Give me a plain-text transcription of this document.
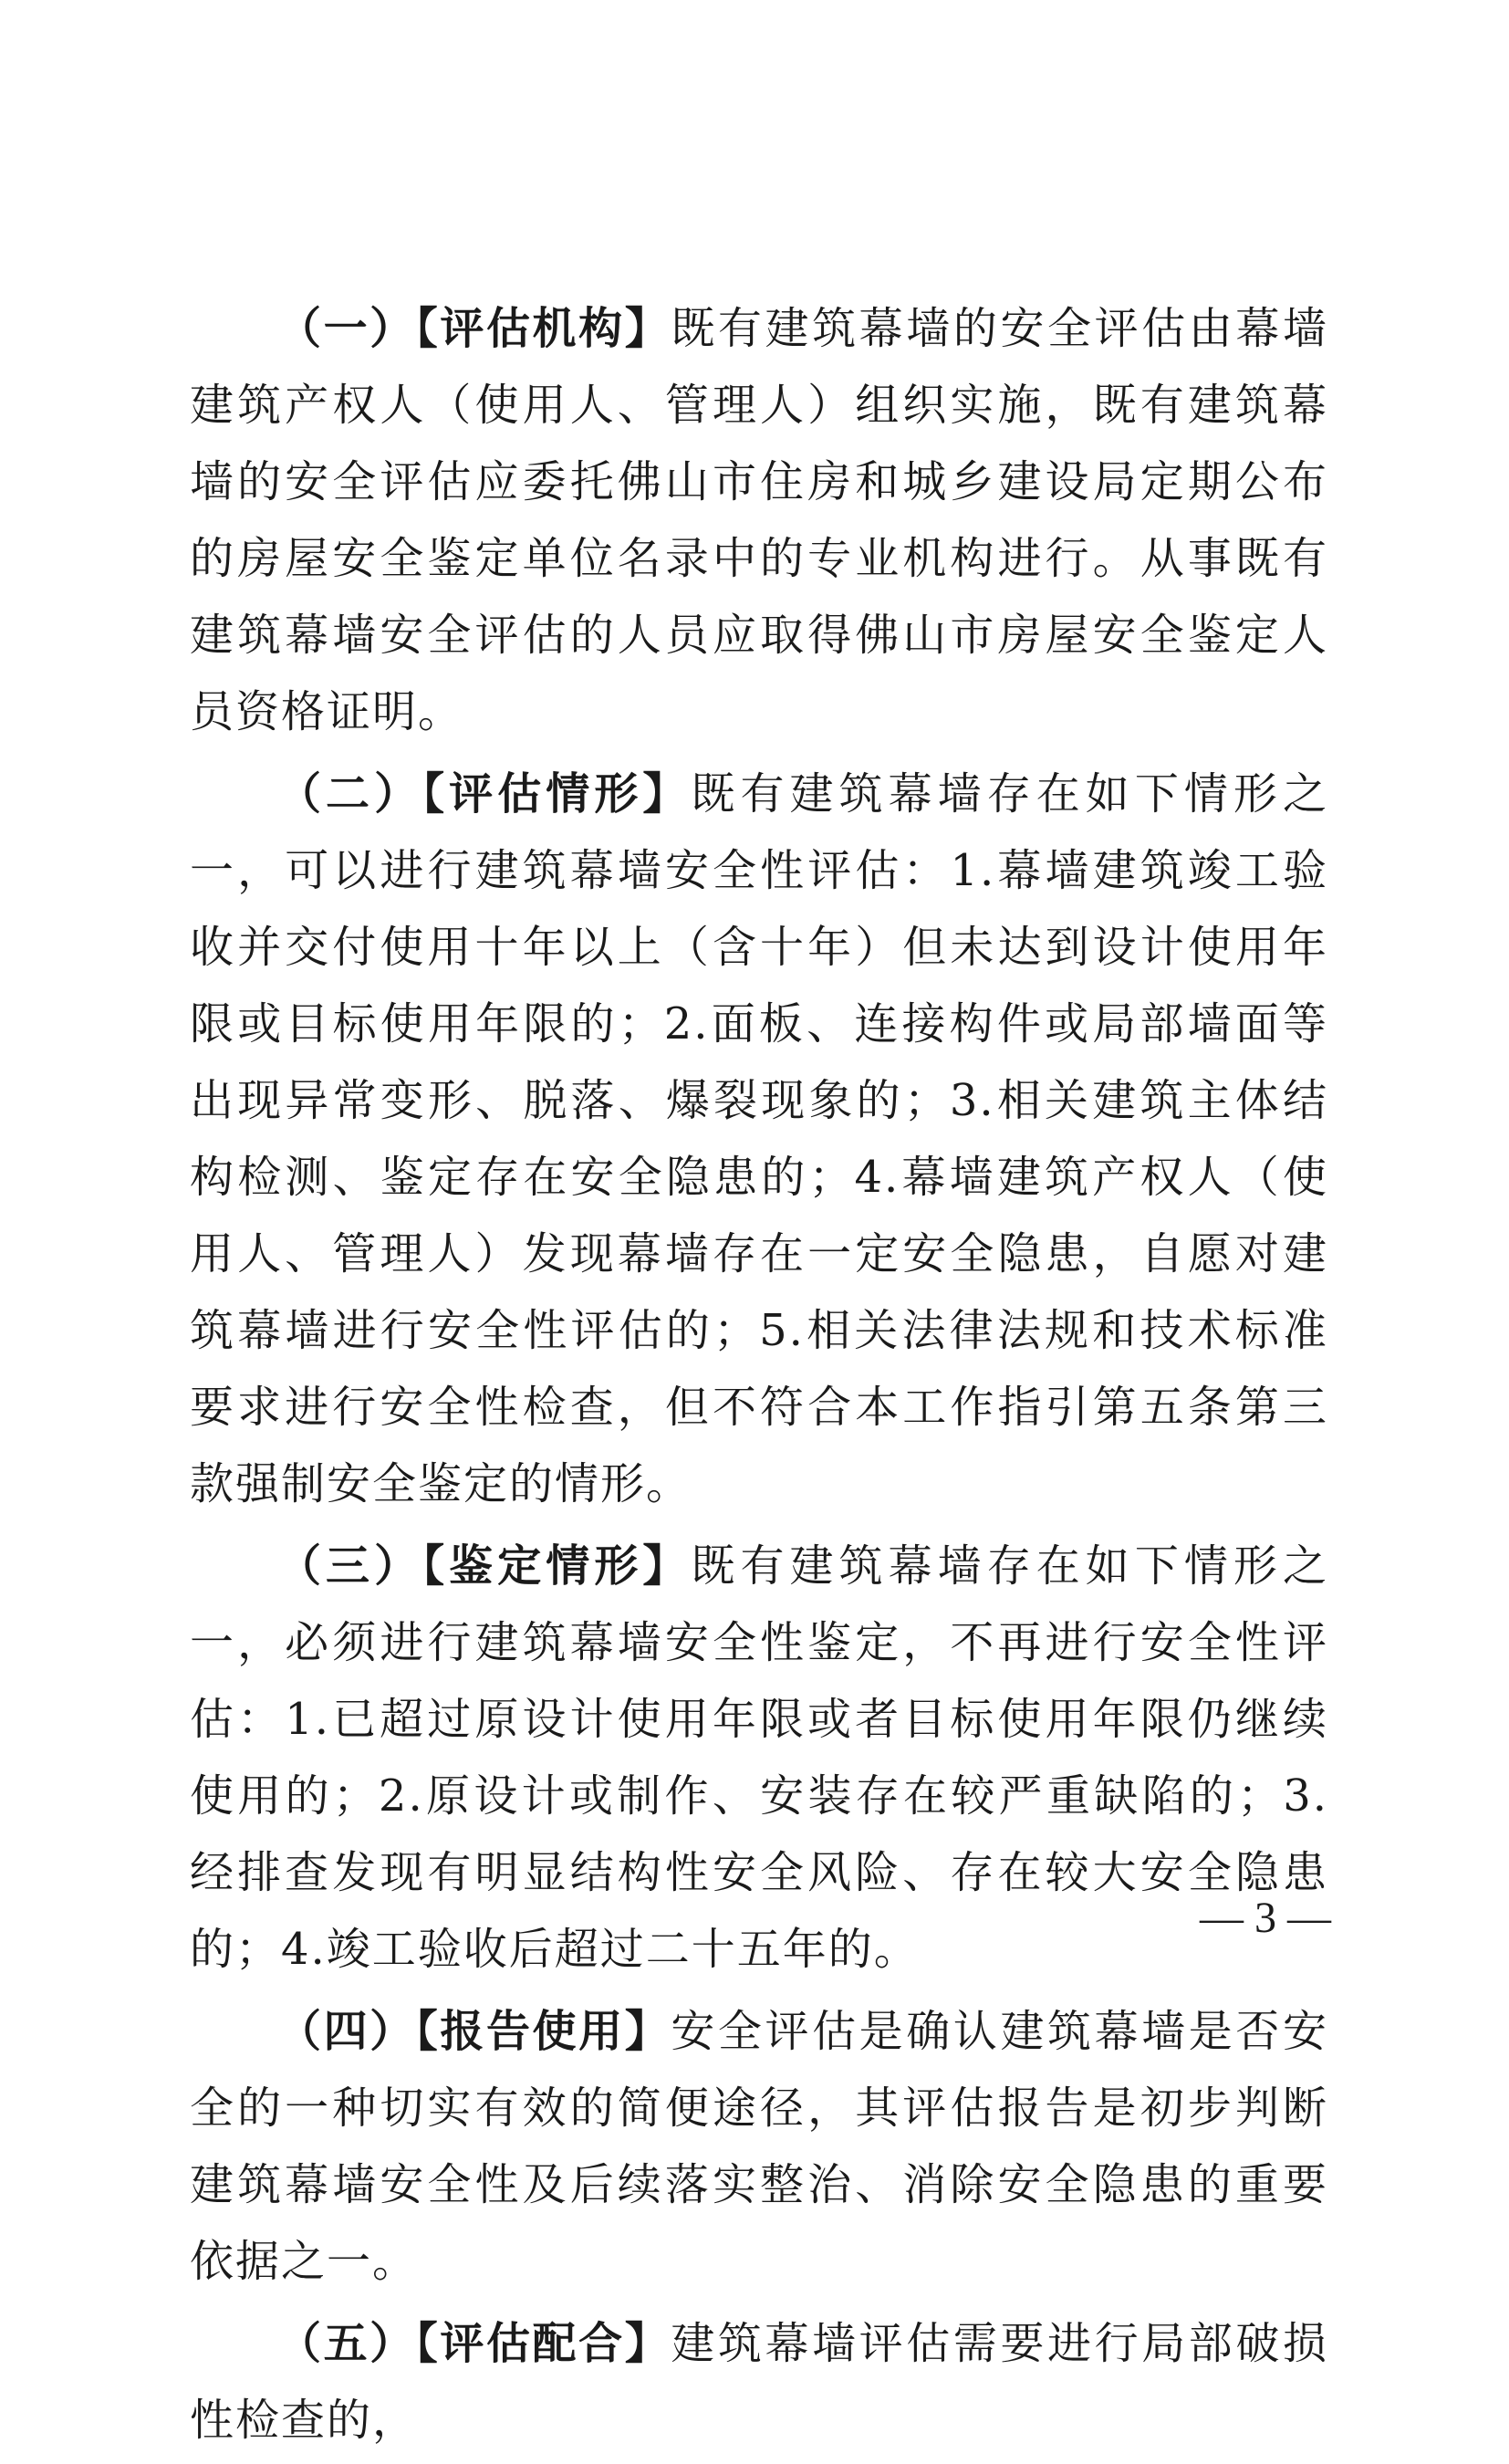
（一）【评估机构】既有建筑幕墙的安全评估由幕墙建筑产权人（使用人、管理人）组织实施，既有建筑幕墙的安全评估应委托佛山市住房和城乡建设局定期公布的房屋安全鉴定单位名录中的专业机构进行。从事既有建筑幕墙安全评估的人员应取得佛山市房屋安全鉴定人员资格证明。

（二）【评估情形】既有建筑幕墙存在如下情形之一，可以进行建筑幕墙安全性评估：1.幕墙建筑竣工验收并交付使用十年以上（含十年）但未达到设计使用年限或目标使用年限的；2.面板、连接构件或局部墙面等出现异常变形、脱落、爆裂现象的；3.相关建筑主体结构检测、鉴定存在安全隐患的；4.幕墙建筑产权人（使用人、管理人）发现幕墙存在一定安全隐患，自愿对建筑幕墙进行安全性评估的；5.相关法律法规和技术标准要求进行安全性检查，但不符合本工作指引第五条第三款强制安全鉴定的情形。

（三）【鉴定情形】既有建筑幕墙存在如下情形之一，必须进行建筑幕墙安全性鉴定，不再进行安全性评估：1.已超过原设计使用年限或者目标使用年限仍继续使用的；2.原设计或制作、安装存在较严重缺陷的；3.经排查发现有明显结构性安全风险、存在较大安全隐患的；4.竣工验收后超过二十五年的。

（四）【报告使用】安全评估是确认建筑幕墙是否安全的一种切实有效的简便途径，其评估报告是初步判断建筑幕墙安全性及后续落实整治、消除安全隐患的重要依据之一。

（五）【评估配合】建筑幕墙评估需要进行局部破损性检查的，

— 3 —
